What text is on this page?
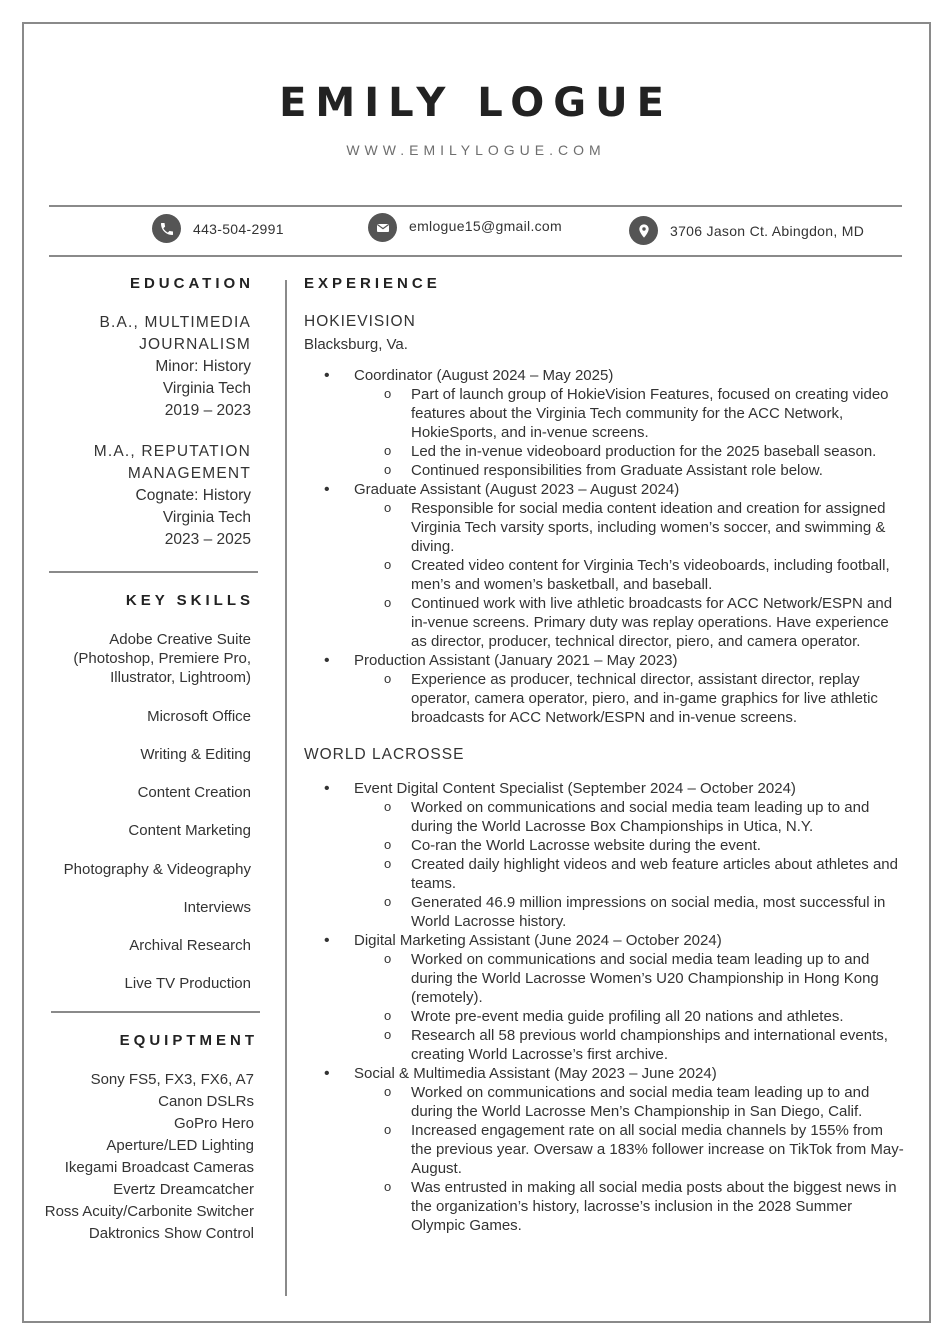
EMILY LOGUE
WWW.EMILYLOGUE.COM
443-504-2991	emlogue15@gmail.com	3706 Jason Ct. Abingdon, MD
EDUCATION
B.A., MULTIMEDIA
JOURNALISM
Minor: History
Virginia Tech
2019 – 2023
M.A., REPUTATION
MANAGEMENT
Cognate: History
Virginia Tech
2023 – 2025
KEY SKILLS
Adobe Creative Suite
(Photoshop, Premiere Pro,
Illustrator, Lightroom)
Microsoft Office
Writing & Editing
Content Creation
Content Marketing
Photography & Videography
Interviews
Archival Research
Live TV Production
EQUIPTMENT
Sony FS5, FX3, FX6, A7
Canon DSLRs
GoPro Hero
Aperture/LED Lighting
Ikegami Broadcast Cameras
Evertz Dreamcatcher
Ross Acuity/Carbonite Switcher
Daktronics Show Control
EXPERIENCE
HOKIEVISION
Blacksburg, Va.
• Coordinator (August 2024 – May 2025)
o Part of launch group of HokieVision Features, focused on creating video features about the Virginia Tech community for the ACC Network, HokieSports, and in-venue screens.
o Led the in-venue videoboard production for the 2025 baseball season.
o Continued responsibilities from Graduate Assistant role below.
• Graduate Assistant (August 2023 – August 2024)
o Responsible for social media content ideation and creation for assigned Virginia Tech varsity sports, including women’s soccer, and swimming & diving.
o Created video content for Virginia Tech’s videoboards, including football, men’s and women’s basketball, and baseball.
o Continued work with live athletic broadcasts for ACC Network/ESPN and in-venue screens. Primary duty was replay operations. Have experience as director, producer, technical director, piero, and camera operator.
• Production Assistant (January 2021 – May 2023)
o Experience as producer, technical director, assistant director, replay operator, camera operator, piero, and in-game graphics for live athletic broadcasts for ACC Network/ESPN and in-venue screens.
WORLD LACROSSE
• Event Digital Content Specialist (September 2024 – October 2024)
o Worked on communications and social media team leading up to and during the World Lacrosse Box Championships in Utica, N.Y.
o Co-ran the World Lacrosse website during the event.
o Created daily highlight videos and web feature articles about athletes and teams.
o Generated 46.9 million impressions on social media, most successful in World Lacrosse history.
• Digital Marketing Assistant (June 2024 – October 2024)
o Worked on communications and social media team leading up to and during the World Lacrosse Women’s U20 Championship in Hong Kong (remotely).
o Wrote pre-event media guide profiling all 20 nations and athletes.
o Research all 58 previous world championships and international events, creating World Lacrosse’s first archive.
• Social & Multimedia Assistant (May 2023 – June 2024)
o Worked on communications and social media team leading up to and during the World Lacrosse Men’s Championship in San Diego, Calif.
o Increased engagement rate on all social media channels by 155% from the previous year. Oversaw a 183% follower increase on TikTok from May-August.
o Was entrusted in making all social media posts about the biggest news in the organization’s history, lacrosse’s inclusion in the 2028 Summer Olympic Games.
